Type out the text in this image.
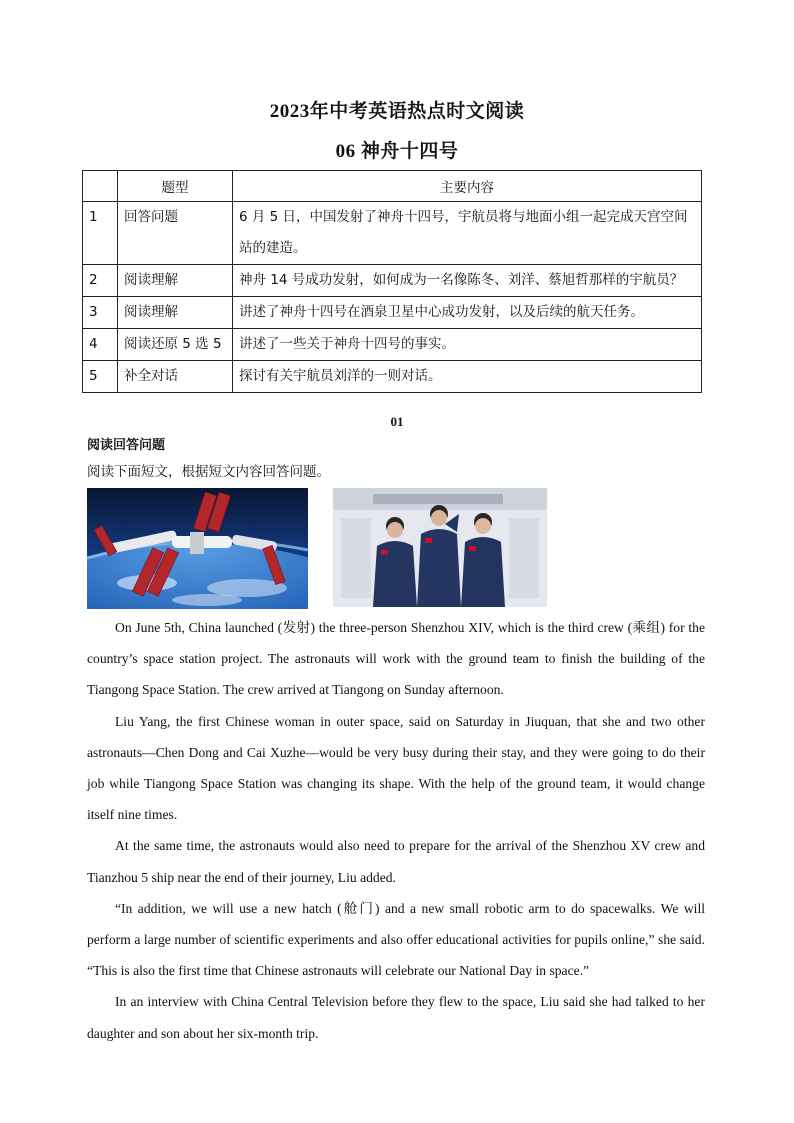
2023年中考英语热点时文阅读
06 神舟十四号
	题型	主要内容
1	回答问题	6 月 5 日，中国发射了神舟十四号，宇航员将与地面小组一起完成天宫空间站的建造。
2	阅读理解	神舟 14 号成功发射，如何成为一名像陈冬、刘洋、蔡旭哲那样的宇航员？
3	阅读理解	讲述了神舟十四号在酒泉卫星中心成功发射，以及后续的航天任务。
4	阅读还原 5 选 5	讲述了一些关于神舟十四号的事实。
5	补全对话	探讨有关宇航员刘洋的一则对话。
01
阅读回答问题
阅读下面短文，根据短文内容回答问题。

On June 5th, China launched (发射) the three-person Shenzhou XIV, which is the third crew (乘组) for the country’s space station project. The astronauts will work with the ground team to finish the building of the Tiangong Space Station. The crew arrived at Tiangong on Sunday afternoon.

Liu Yang, the first Chinese woman in outer space, said on Saturday in Jiuquan, that she and two other astronauts—Chen Dong and Cai Xuzhe—would be very busy during their stay, and they were going to do their job while Tiangong Space Station was changing its shape. With the help of the ground team, it would change itself nine times.

At the same time, the astronauts would also need to prepare for the arrival of the Shenzhou XV crew and Tianzhou 5 ship near the end of their journey, Liu added.

“In addition, we will use a new hatch (舱门) and a new small robotic arm to do spacewalks. We will perform a large number of scientific experiments and also offer educational activities for pupils online,” she said. “This is also the first time that Chinese astronauts will celebrate our National Day in space.”

In an interview with China Central Television before they flew to the space, Liu said she had talked to her daughter and son about her six-month trip.
